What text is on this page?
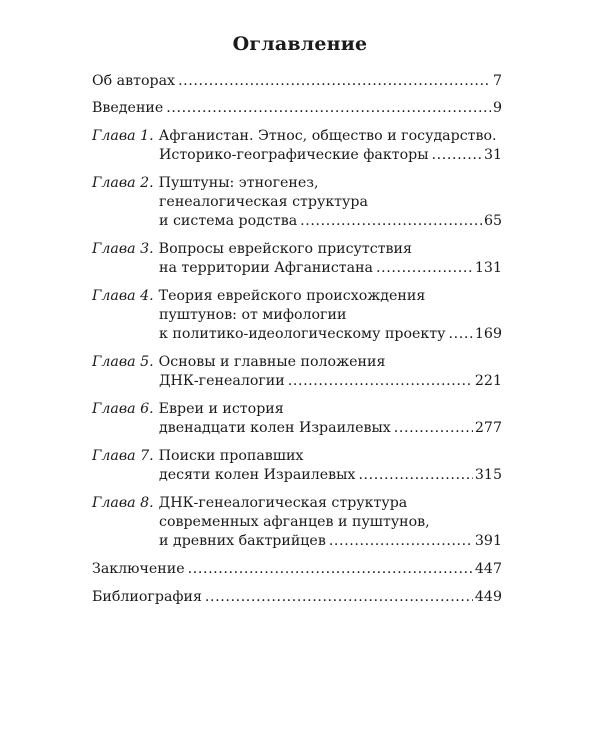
Оглавление
Об авторах .....	7
Введение .....	9
Глава 1. Афганистан. Этнос, общество и государство.
Историко-географические факторы .....	31
Глава 2. Пуштуны: этногенез,
генеалогическая структура
и система родства .....	65
Глава 3. Вопросы еврейского присутствия
на территории Афганистана .....	131
Глава 4. Теория еврейского происхождения
пуштунов: от мифологии
к политико-идеологическому проекту ..... 169
Глава 5. Основы и главные положения
ДНК-генеалогии .....	221
Глава 6. Евреи и история
двенадцати колен Израилевых .....	277
Глава 7. Поиски пропавших
десяти колен Израилевых .....	315
Глава 8. ДНК-генеалогическая структура
современных афганцев и пуштунов,
и древних бактрийцев .....	391
Заключение .....	447
Библиография .....	449
